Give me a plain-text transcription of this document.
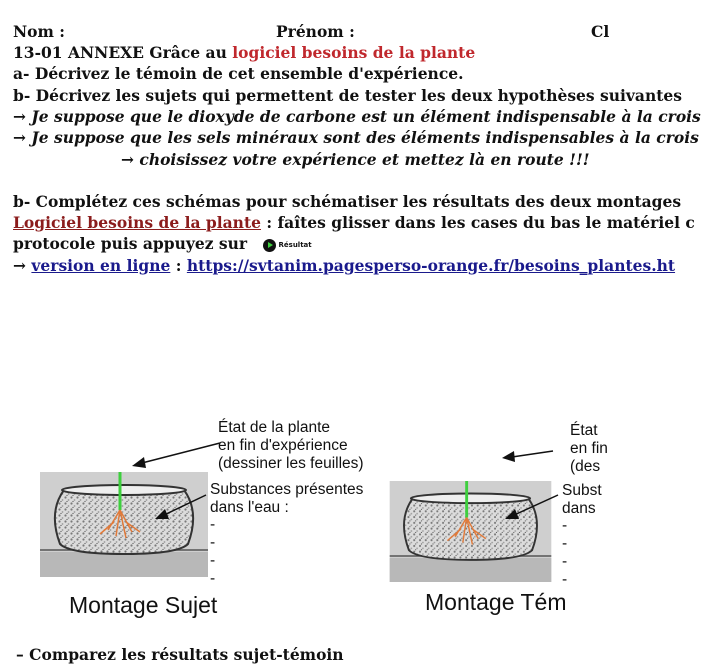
Nom :	Prénom :	Cl
13-01 ANNEXE Grâce au logiciel besoins de la plante
a- Décrivez le témoin de cet ensemble d'expérience.
b- Décrivez les sujets qui permettent de tester les deux hypothèses suivantes
→ Je suppose que le dioxyde de carbone est un élément indispensable à la crois
→ Je suppose que les sels minéraux sont des éléments indispensables à la crois
→ choisissez votre expérience et mettez là en route !!!
b- Complétez ces schémas pour schématiser les résultats des deux montages
Logiciel besoins de la plante : faîtes glisser dans les cases du bas le matériel c
protocole puis appuyez sur	Résultat
→ version en ligne : https://svtanim.pagesperso-orange.fr/besoins_plantes.ht
État de la plante
en fin d'expérience
(dessiner les feuilles)
Substances présentes
dans l'eau :
-
-
-
-
Montage Sujet
État
en fin
(des
Subst
dans
-
-
-
-
Montage Tém
– Comparez les résultats sujet-témoin
